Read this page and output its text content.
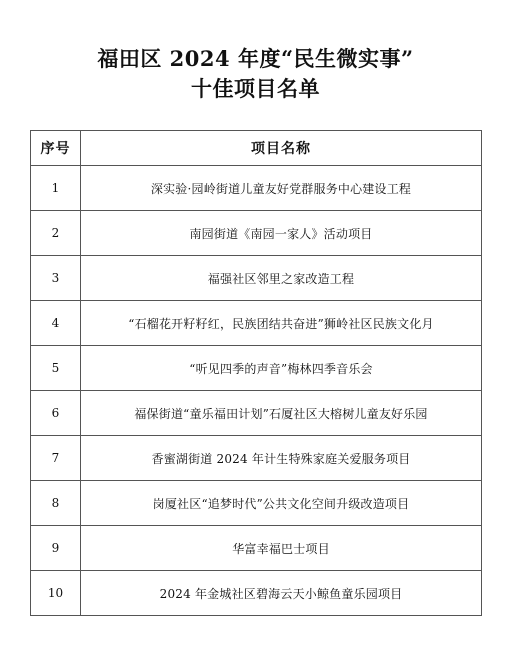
福田区 2024 年度“民生微实事”
十佳项目名单
序号	项目名称
1	深实验·园岭街道儿童友好党群服务中心建设工程
2	南园街道《南园一家人》活动项目
3	福强社区邻里之家改造工程
4	“石榴花开籽籽红，民族团结共奋进”狮岭社区民族文化月
5	“听见四季的声音”梅林四季音乐会
6	福保街道“童乐福田计划”石厦社区大榕树儿童友好乐园
7	香蜜湖街道 2024 年计生特殊家庭关爱服务项目
8	岗厦社区“追梦时代”公共文化空间升级改造项目
9	华富幸福巴士项目
10	2024 年金城社区碧海云天小鲸鱼童乐园项目
